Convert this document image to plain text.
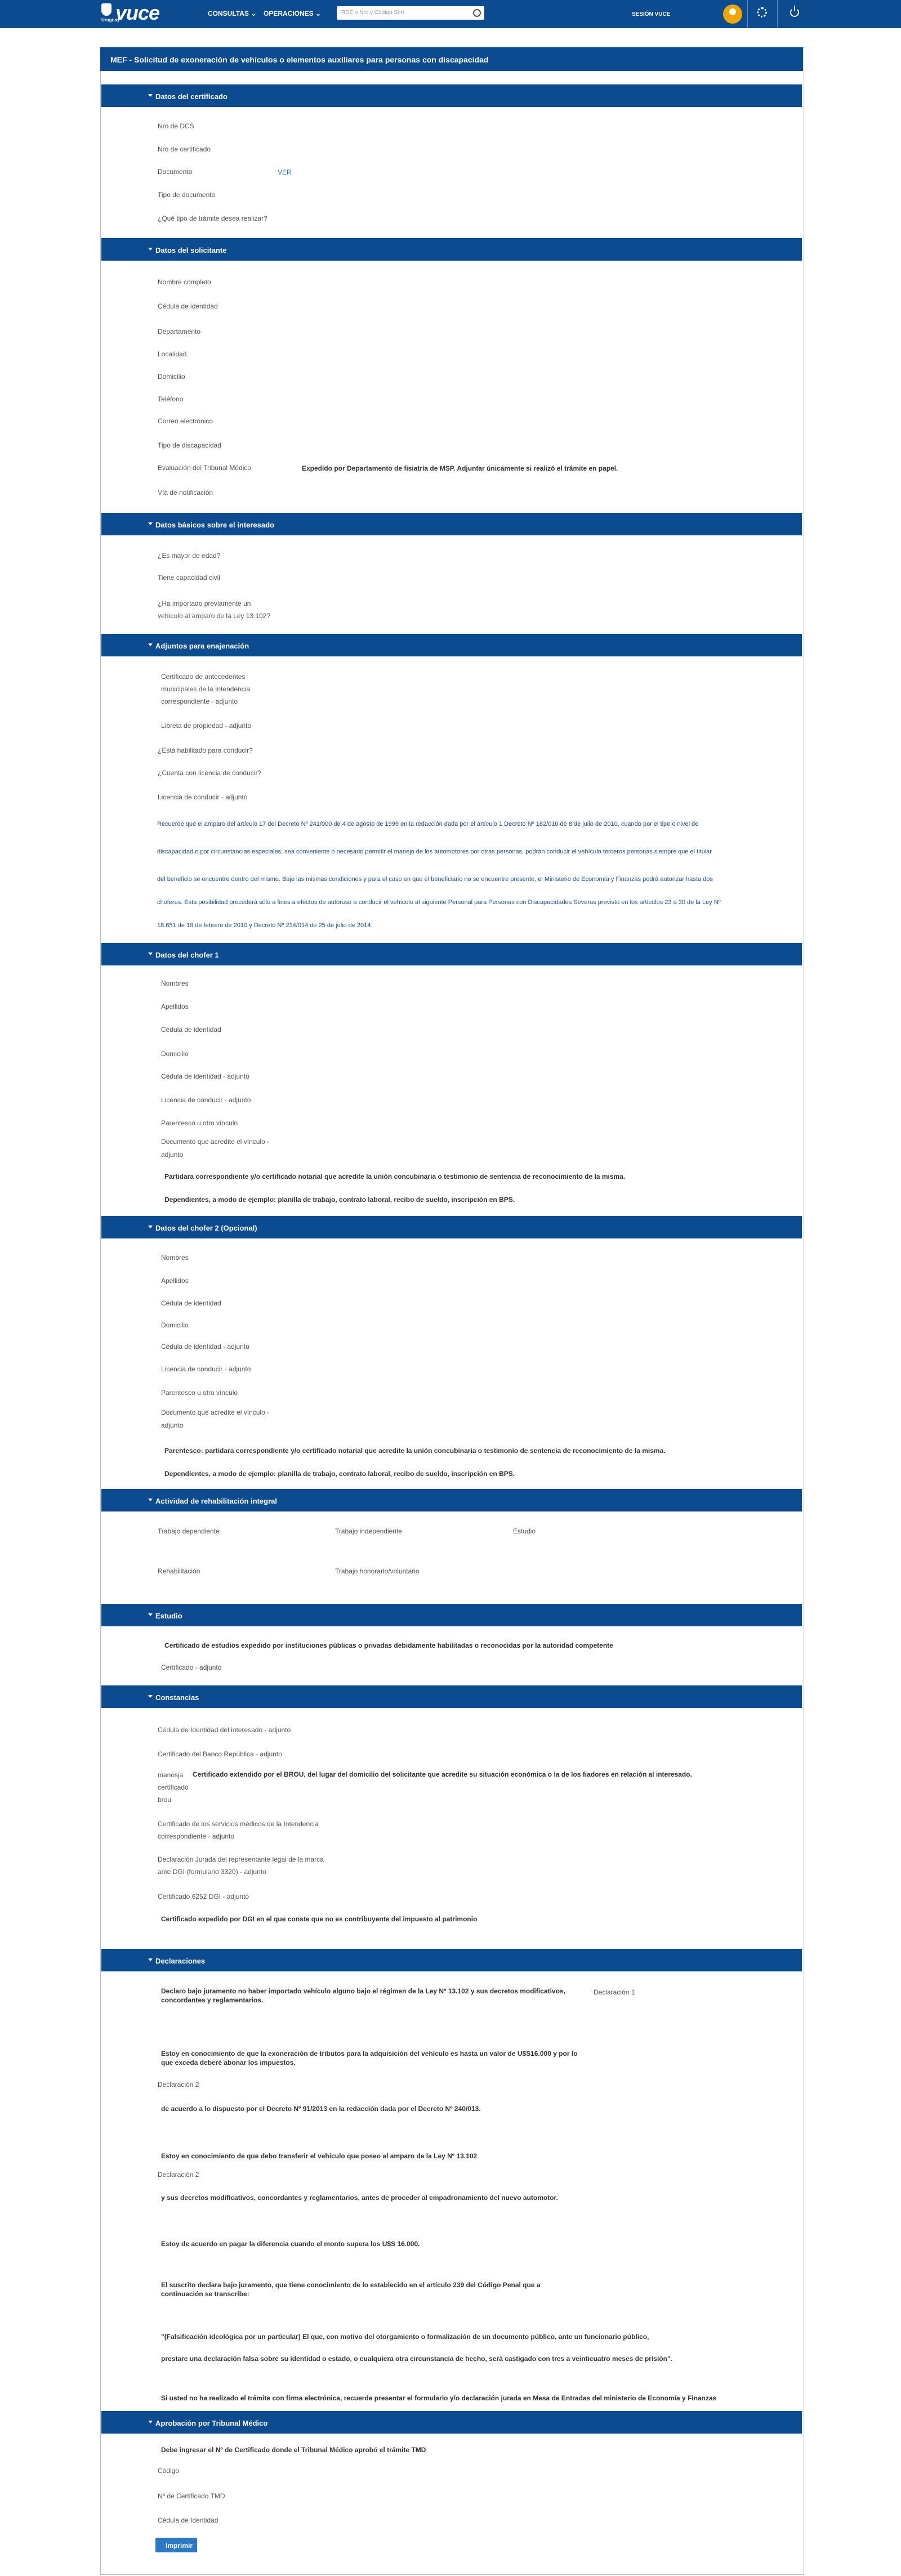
Uruguay
vuce	CONSULTAS ⌄ OPERACIONES ⌄	RDE o Nro y Código Sort	SESIÓN VUCE
MEF - Solicitud de exoneración de vehículos o elementos auxiliares para personas con discapacidad
Datos del certificado
Nro de DCS
Nro de certificado
Documento	VER
Tipo de documento
¿Qué tipo de trámite desea realizar?
Datos del solicitante
Nombre completo
Cédula de identidad
Departamento
Localidad
Domicilio
Teléfono
Correo electrónico
Tipo de discapacidad
Evaluación del Tribunal Médico	Expedido por Departamento de fisiatría de MSP. Adjuntar únicamente si realizó el trámite en papel.
Vía de notificación
Datos básicos sobre el interesado
¿Es mayor de edad?
Tiene capacidad civil
¿Ha importado previamente un
vehículo al amparo de la Ley 13.102?
Adjuntos para enajenación
Certificado de antecedentes
municipales de la Intendencia
correspondiente - adjunto
Libreta de propiedad - adjunto
¿Está habilitado para conducir?
¿Cuenta con licencia de conducir?
Licencia de conducir - adjunto
Recuerde que el amparo del artículo 17 del Decreto Nº 241/000 de 4 de agosto de 1999 en la redacción dada por el artículo 1 Decreto Nº 162/010 de 8 de julio de 2010, cuando por el tipo o nivel de
discapacidad o por circunstancias especiales, sea conveniente o necesario permitir el manejo de los automotores por otras personas, podrán conducir el vehículo terceros personas siempre que el titular
del beneficio se encuentre dentro del mismo. Bajo las mismas condiciones y para el caso en que el beneficiario no se encuentre presente, el Ministerio de Economía y Finanzas podrá autorizar hasta dos
choferes. Esta posibilidad procederá sólo a fines a efectos de autorizar a conducir el vehículo al siguiente Personal para Personas con Discapacidades Severas previsto en los artículos 23 a 30 de la Ley Nº
18.651 de 19 de febrero de 2010 y Decreto Nº 214/014 de 25 de julio de 2014.
Datos del chofer 1
Nombres
Apellidos
Cédula de identidad
Domicilio
Cédula de identidad - adjunto
Licencia de conducir - adjunto
Parentesco u otro vínculo
Documento que acredite el vínculo -
adjunto
Partidara correspondiente y/o certificado notarial que acredite la unión concubinaria o testimonio de sentencia de reconocimiento de la misma.
Dependientes, a modo de ejemplo: planilla de trabajo, contrato laboral, recibo de sueldo, inscripción en BPS.
Datos del chofer 2 (Opcional)
Nombres
Apellidos
Cédula de identidad
Domicilio
Cédula de identidad - adjunto
Licencia de conducir - adjunto
Parentesco u otro vínculo
Documento que acredite el vínculo -
adjunto
Parentesco: partidara correspondiente y/o certificado notarial que acredite la unión concubinaria o testimonio de sentencia de reconocimiento de la misma.
Dependientes, a modo de ejemplo: planilla de trabajo, contrato laboral, recibo de sueldo, inscripción en BPS.
Actividad de rehabilitación integral
Trabajo dependiente	Trabajo independiente	Estudio
Rehabilitación	Trabajo honorario/voluntario
Estudio
Certificado de estudios expedido por instituciones públicas o privadas debidamente habilitadas o reconocidas por la autoridad competente
Certificado - adjunto
Constancias
Cédula de Identidad del interesado - adjunto
Certificado del Banco República - adjunto
manosja
certificado
brou
Certificado extendido por el BROU, del lugar del domicilio del solicitante que acredite su situación económica o la de los fiadores en relación al interesado.
Certificado de los servicios médicos de la Intendencia
correspondiente - adjunto
Declaración Jurada del representante legal de la marca
ante DGI (formulario 3320) - adjunto
Certificado 6252 DGI - adjunto
Certificado expedido por DGI en el que conste que no es contribuyente del impuesto al patrimonio
Declaraciones
Declaro bajo juramento no haber importado vehículo alguno bajo el régimen de la Ley Nº 13.102 y sus decretos modificativos,
concordantes y reglamentarios.
Declaración 1
Estoy en conocimiento de que la exoneración de tributos para la adquisición del vehículo es hasta un valor de U$S16.000 y por lo
que exceda deberé abonar los impuestos.
Declaración 2
de acuerdo a lo dispuesto por el Decreto Nº 91/2013 en la redacción dada por el Decreto Nº 240/013.
Estoy en conocimiento de que debo transferir el vehículo que poseo al amparo de la Ley Nº 13.102
Declaración 2
y sus decretos modificativos, concordantes y reglamentarios, antes de proceder al empadronamiento del nuevo automotor.
Estoy de acuerdo en pagar la diferencia cuando el monto supera los U$S 16.000.
El suscrito declara bajo juramento, que tiene conocimiento de lo establecido en el artículo 239 del Código Penal que a
continuación se transcribe:
"(Falsificación ideológica por un particular) El que, con motivo del otorgamiento o formalización de un documento público, ante un funcionario público,
prestare una declaración falsa sobre su identidad o estado, o cualquiera otra circunstancia de hecho, será castigado con tres a veinticuatro meses de prisión".
Si usted no ha realizado el trámite con firma electrónica, recuerde presentar el formulario y/o declaración jurada en Mesa de Entradas del ministerio de Economía y Finanzas
Aprobación por Tribunal Médico
Debe ingresar el Nº de Certificado donde el Tribunal Médico aprobó el trámite TMD
Código
Nº de Certificado TMD
Cédula de Identidad
Imprimir
